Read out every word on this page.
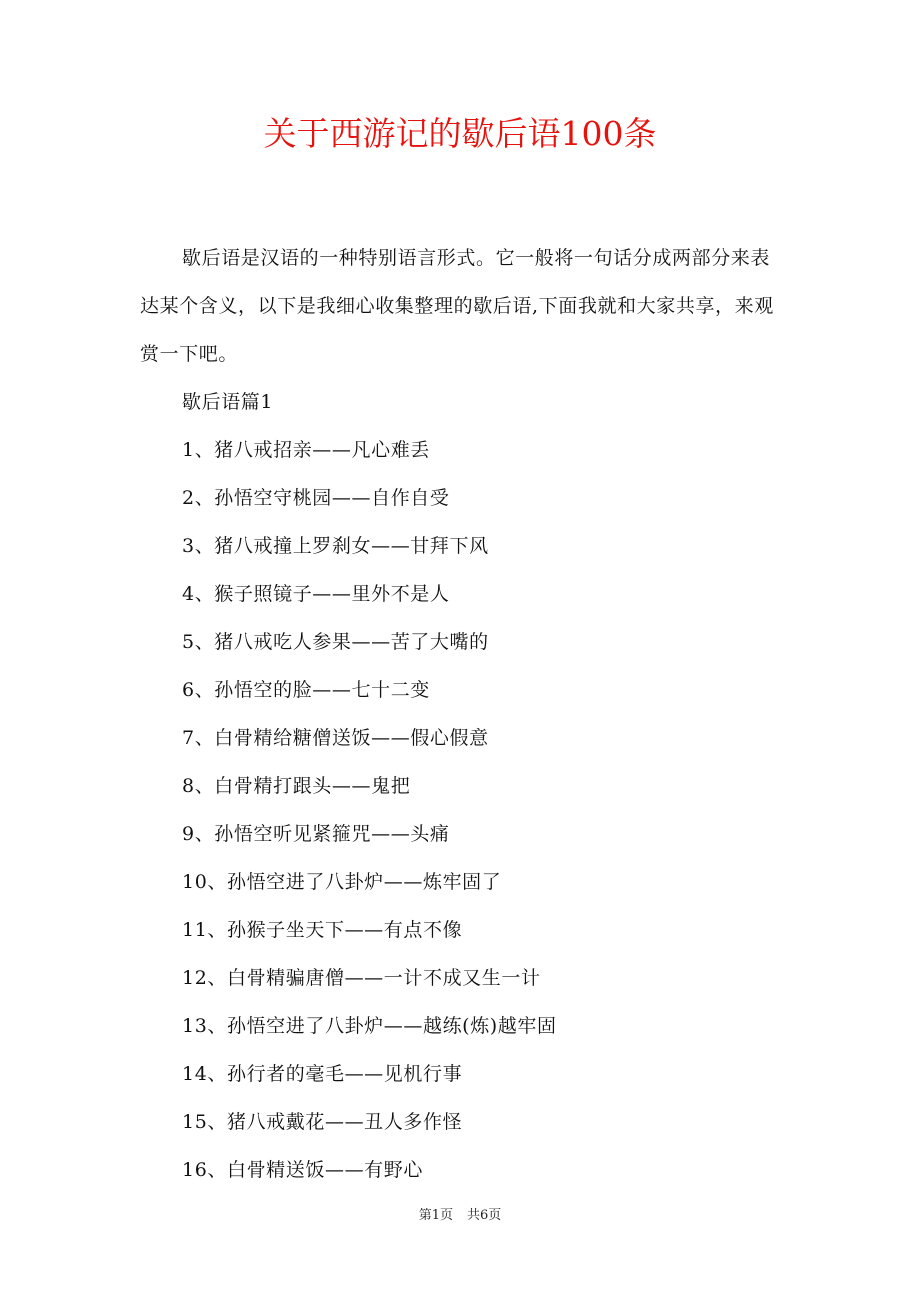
关于西游记的歇后语100条

歇后语是汉语的一种特别语言形式。它一般将一句话分成两部分来表达某个含义，以下是我细心收集整理的歇后语,下面我就和大家共享，来观赏一下吧。

歇后语篇1
1、猪八戒招亲——凡心难丢
2、孙悟空守桃园——自作自受
3、猪八戒撞上罗刹女——甘拜下风
4、猴子照镜子——里外不是人
5、猪八戒吃人参果——苦了大嘴的
6、孙悟空的脸——七十二变
7、白骨精给糖僧送饭——假心假意
8、白骨精打跟头——鬼把
9、孙悟空听见紧箍咒——头痛
10、孙悟空进了八卦炉——炼牢固了
11、孙猴子坐天下——有点不像
12、白骨精骗唐僧——一计不成又生一计
13、孙悟空进了八卦炉——越练(炼)越牢固
14、孙行者的毫毛——见机行事
15、猪八戒戴花——丑人多作怪
16、白骨精送饭——有野心
第1页 共6页
